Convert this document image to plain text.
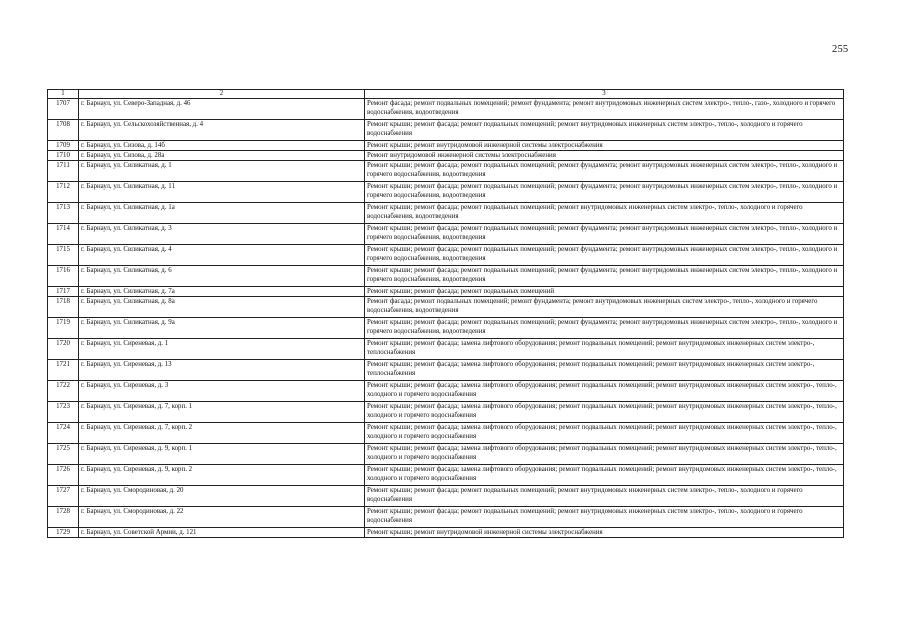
255
1	2	3
1707	г. Барнаул, ул. Северо-Западная, д. 46	Ремонт фасада; ремонт подвальных помещений; ремонт фундамента; ремонт внутридомовых инженерных систем электро-, тепло-, газо-, холодного и горячего водоснабжения, водоотведения
1708	г. Барнаул, ул. Сельскохозяйственная, д. 4	Ремонт крыши; ремонт фасада; ремонт подвальных помещений; ремонт внутридомовых инженерных систем электро-, тепло-, холодного и горячего водоснабжения
1709	г. Барнаул, ул. Сизова, д. 14б	Ремонт крыши; ремонт внутридомовой инженерной системы электроснабжения
1710	г. Барнаул, ул. Сизова, д. 28а	Ремонт внутридомовой инженерной системы электроснабжения
1711	г. Барнаул, ул. Силикатная, д. 1	Ремонт крыши; ремонт фасада; ремонт подвальных помещений; ремонт фундамента; ремонт внутридомовых инженерных систем электро-, тепло-, холодного и горячего водоснабжения, водоотведения
1712	г. Барнаул, ул. Силикатная, д. 11	Ремонт крыши; ремонт фасада; ремонт подвальных помещений; ремонт фундамента; ремонт внутридомовых инженерных систем электро-, тепло-, холодного и горячего водоснабжения, водоотведения
1713	г. Барнаул, ул. Силикатная, д. 1а	Ремонт крыши; ремонт фасада; ремонт подвальных помещений; ремонт внутридомовых инженерных систем электро-, тепло-, холодного и горячего водоснабжения, водоотведения
1714	г. Барнаул, ул. Силикатная, д. 3	Ремонт крыши; ремонт фасада; ремонт подвальных помещений; ремонт фундамента; ремонт внутридомовых инженерных систем электро-, тепло-, холодного и горячего водоснабжения, водоотведения
1715	г. Барнаул, ул. Силикатная, д. 4	Ремонт крыши; ремонт фасада; ремонт подвальных помещений; ремонт фундамента; ремонт внутридомовых инженерных систем электро-, тепло-, холодного и горячего водоснабжения, водоотведения
1716	г. Барнаул, ул. Силикатная, д. 6	Ремонт крыши; ремонт фасада; ремонт подвальных помещений; ремонт фундамента; ремонт внутридомовых инженерных систем электро-, тепло-, холодного и горячего водоснабжения, водоотведения
1717	г. Барнаул, ул. Силикатная, д. 7а	Ремонт крыши; ремонт фасада; ремонт подвальных помещений
1718	г. Барнаул, ул. Силикатная, д. 8а	Ремонт фасада; ремонт подвальных помещений; ремонт фундамента; ремонт внутридомовых инженерных систем электро-, тепло-, холодного и горячего водоснабжения, водоотведения
1719	г. Барнаул, ул. Силикатная, д. 9а	Ремонт крыши; ремонт фасада; ремонт подвальных помещений; ремонт фундамента; ремонт внутридомовых инженерных систем электро-, тепло-, холодного и горячего водоснабжения, водоотведения
1720	г. Барнаул, ул. Сиреневая, д. 1	Ремонт крыши; ремонт фасада; замена лифтового оборудования; ремонт подвальных помещений; ремонт внутридомовых инженерных систем электро-, теплоснабжения
1721	г. Барнаул, ул. Сиреневая, д. 13	Ремонт крыши; ремонт фасада; замена лифтового оборудования; ремонт подвальных помещений; ремонт внутридомовых инженерных систем электро-, теплоснабжения
1722	г. Барнаул, ул. Сиреневая, д. 3	Ремонт крыши; ремонт фасада; замена лифтового оборудования; ремонт подвальных помещений; ремонт внутридомовых инженерных систем электро-, тепло-, холодного и горячего водоснабжения
1723	г. Барнаул, ул. Сиреневая, д. 7, корп. 1	Ремонт крыши; ремонт фасада; замена лифтового оборудования; ремонт подвальных помещений; ремонт внутридомовых инженерных систем электро-, тепло-, холодного и горячего водоснабжения
1724	г. Барнаул, ул. Сиреневая, д. 7, корп. 2	Ремонт крыши; ремонт фасада; замена лифтового оборудования; ремонт подвальных помещений; ремонт внутридомовых инженерных систем электро-, тепло-, холодного и горячего водоснабжения
1725	г. Барнаул, ул. Сиреневая, д. 9, корп. 1	Ремонт крыши; ремонт фасада; замена лифтового оборудования; ремонт подвальных помещений; ремонт внутридомовых инженерных систем электро-, тепло-, холодного и горячего водоснабжения
1726	г. Барнаул, ул. Сиреневая, д. 9, корп. 2	Ремонт крыши; ремонт фасада; замена лифтового оборудования; ремонт подвальных помещений; ремонт внутридомовых инженерных систем электро-, тепло-, холодного и горячего водоснабжения
1727	г. Барнаул, ул. Смородиновая, д. 20	Ремонт крыши; ремонт фасада; ремонт подвальных помещений; ремонт внутридомовых инженерных систем электро-, тепло-, холодного и горячего водоснабжения
1728	г. Барнаул, ул. Смородиновая, д. 22	Ремонт крыши; ремонт фасада; ремонт подвальных помещений; ремонт внутридомовых инженерных систем электро-, тепло-, холодного и горячего водоснабжения
1729	г. Барнаул, ул. Советской Армии, д. 121	Ремонт крыши; ремонт внутридомовой инженерной системы электроснабжения
